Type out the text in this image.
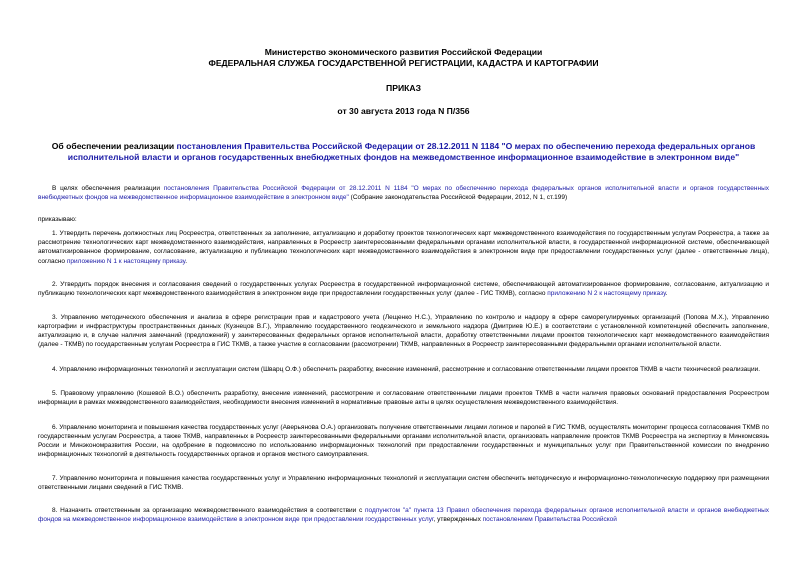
Министерство экономического развития Российской Федерации
ФЕДЕРАЛЬНАЯ СЛУЖБА ГОСУДАРСТВЕННОЙ РЕГИСТРАЦИИ, КАДАСТРА И КАРТОГРАФИИ
ПРИКАЗ
от 30 августа 2013 года N П/356
Об обеспечении реализации постановления Правительства Российской Федерации от 28.12.2011 N 1184 "О мерах по обеспечению перехода федеральных органов исполнительной власти и органов государственных внебюджетных фондов на межведомственное информационное взаимодействие в электронном виде"

В целях обеспечения реализации постановления Правительства Российской Федерации от 28.12.2011 N 1184 "О мерах по обеспечению перехода федеральных органов исполнительной власти и органов государственных внебюджетных фондов на межведомственное информационное взаимодействие в электронном виде" (Собрание законодательства Российской Федерации, 2012, N 1, ст.199)

приказываю:

1. Утвердить перечень должностных лиц Росреестра, ответственных за заполнение, актуализацию и доработку проектов технологических карт межведомственного взаимодействия по государственным услугам Росреестра, а также за рассмотрение технологических карт межведомственного взаимодействия, направленных в Росреестр заинтересованными федеральными органами исполнительной власти, в государственной информационной системе, обеспечивающей автоматизированное формирование, согласование, актуализацию и публикацию технологических карт межведомственного взаимодействия в электронном виде при предоставлении государственных услуг (далее - ответственные лица), согласно приложению N 1 к настоящему приказу.

2. Утвердить порядок внесения и согласования сведений о государственных услугах Росреестра в государственной информационной системе, обеспечивающей автоматизированное формирование, согласование, актуализацию и публикацию технологических карт межведомственного взаимодействия в электронном виде при предоставлении государственных услуг (далее - ГИС ТКМВ), согласно приложению N 2 к настоящему приказу.

3. Управлению методического обеспечения и анализа в сфере регистрации прав и кадастрового учета (Лещенко Н.С.), Управлению по контролю и надзору в сфере саморегулируемых организаций (Попова М.Х.), Управлению картографии и инфраструктуры пространственных данных (Кузнецов В.Г.), Управлению государственного геодезического и земельного надзора (Дмитриев Ю.Е.) в соответствии с установленной компетенцией обеспечить заполнение, актуализацию и, в случае наличия замечаний (предложений) у заинтересованных федеральных органов исполнительной власти, доработку ответственными лицами проектов технологических карт межведомственного взаимодействия (далее - ТКМВ) по государственным услугам Росреестра в ГИС ТКМВ, а также участие в согласовании (рассмотрении) ТКМВ, направленных в Росреестр заинтересованными федеральными органами исполнительной власти.

4. Управлению информационных технологий и эксплуатации систем (Шварц О.Ф.) обеспечить разработку, внесение изменений, рассмотрение и согласование ответственными лицами проектов ТКМВ в части технической реализации.

5. Правовому управлению (Кошевой В.О.) обеспечить разработку, внесение изменений, рассмотрение и согласование ответственными лицами проектов ТКМВ в части наличия правовых оснований предоставления Росреестром информации в рамках межведомственного взаимодействия, необходимости внесения изменений в нормативные правовые акты в целях осуществления межведомственного взаимодействия.

6. Управлению мониторинга и повышения качества государственных услуг (Аверьянова О.А.) организовать получение ответственными лицами логинов и паролей в ГИС ТКМВ, осуществлять мониторинг процесса согласования ТКМВ по государственным услугам Росреестра, а также ТКМВ, направленных в Росреестр заинтересованными федеральными органами исполнительной власти, организовать направление проектов ТКМВ Росреестра на экспертизу в Минкомсвязь России и Минэкономразвития России, на одобрение в подкомиссию по использованию информационных технологий при предоставлении государственных и муниципальных услуг при Правительственной комиссии по внедрению информационных технологий в деятельность государственных органов и органов местного самоуправления.

7. Управлению мониторинга и повышения качества государственных услуг и Управлению информационных технологий и эксплуатации систем обеспечить методическую и информационно-технологическую поддержку при размещении ответственными лицами сведений в ГИС ТКМВ.

8. Назначить ответственным за организацию межведомственного взаимодействия в соответствии с подпунктом "а" пункта 13 Правил обеспечения перехода федеральных органов исполнительной власти и органов внебюджетных фондов на межведомственное информационное взаимодействие в электронном виде при предоставлении государственных услуг, утвержденных постановлением Правительства Российской
